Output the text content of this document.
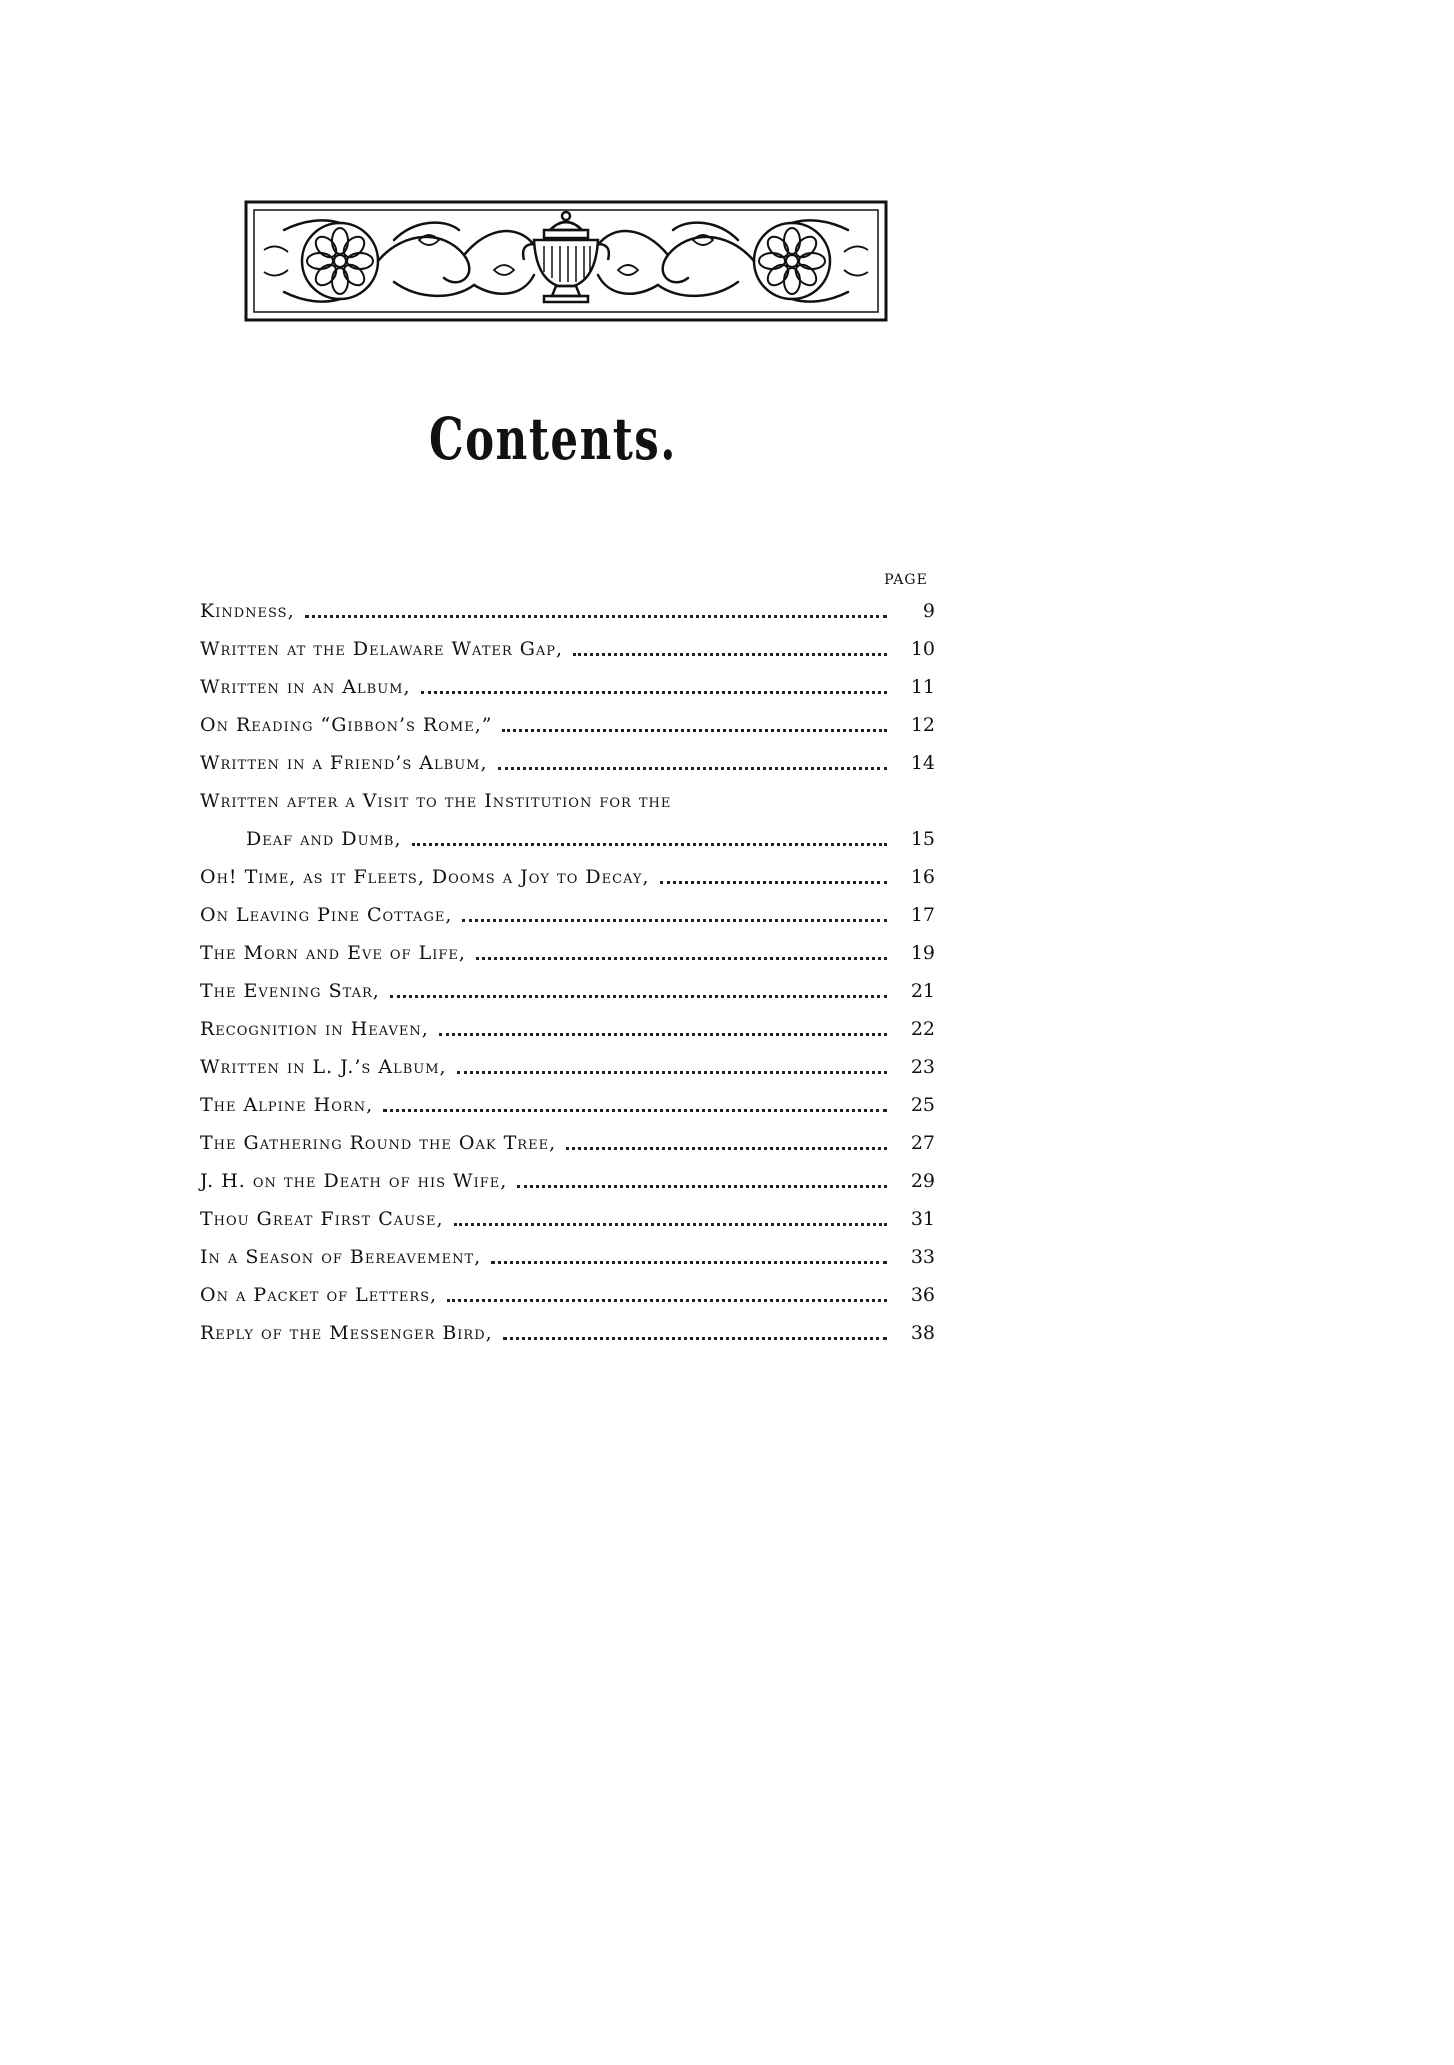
Contents.
PAGE
Kindness,	9
Written at the Delaware Water Gap,	10
Written in an Album,	11
On Reading “Gibbon’s Rome,”	12
Written in a Friend’s Album,	14
Written after a Visit to the Institution for the
Deaf and Dumb,	15
Oh! Time, as it Fleets, Dooms a Joy to Decay,	16
On Leaving Pine Cottage,	17
The Morn and Eve of Life,	19
The Evening Star,	21
Recognition in Heaven,	22
Written in L. J.’s Album,	23
The Alpine Horn,	25
The Gathering Round the Oak Tree,	27
J. H. on the Death of his Wife,	29
Thou Great First Cause,	31
In a Season of Bereavement,	33
On a Packet of Letters,	36
Reply of the Messenger Bird,	38
